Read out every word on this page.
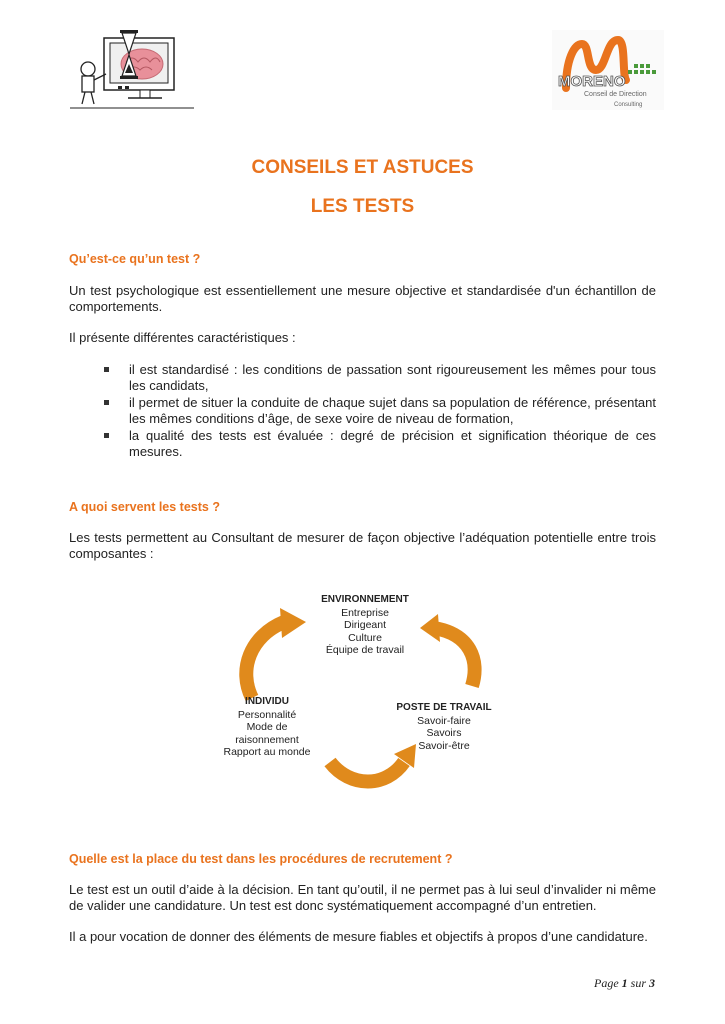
MORENO
Conseil de Direction
Consulting
CONSEILS ET ASTUCES
LES TESTS
Qu’est-ce qu’un test ?
Un test psychologique est essentiellement une mesure objective et standardisée d'un échantillon de comportements.
Il présente différentes caractéristiques :
il est standardisé : les conditions de passation sont rigoureusement les mêmes pour tous les candidats,
il permet de situer la conduite de chaque sujet dans sa population de référence, présentant les mêmes conditions d’âge, de sexe voire de niveau de formation,
la qualité des tests est évaluée : degré de précision et signification théorique de ces mesures.
A quoi servent les tests ?
Les tests permettent au Consultant de mesurer de façon objective l’adéquation potentielle entre trois composantes :
ENVIRONNEMENT
Entreprise
Dirigeant
Culture
Équipe de travail
INDIVIDU
Personnalité
Mode de
raisonnement
Rapport au monde
POSTE DE TRAVAIL
Savoir-faire
Savoirs
Savoir-être
Quelle est la place du test dans les procédures de recrutement ?
Le test est un outil d’aide à la décision. En tant qu’outil, il ne permet pas à lui seul d’invalider ni même de valider une candidature. Un test est donc systématiquement accompagné d’un entretien.
Il a pour vocation de donner des éléments de mesure fiables et objectifs à propos d’une candidature.
Page 1 sur 3
